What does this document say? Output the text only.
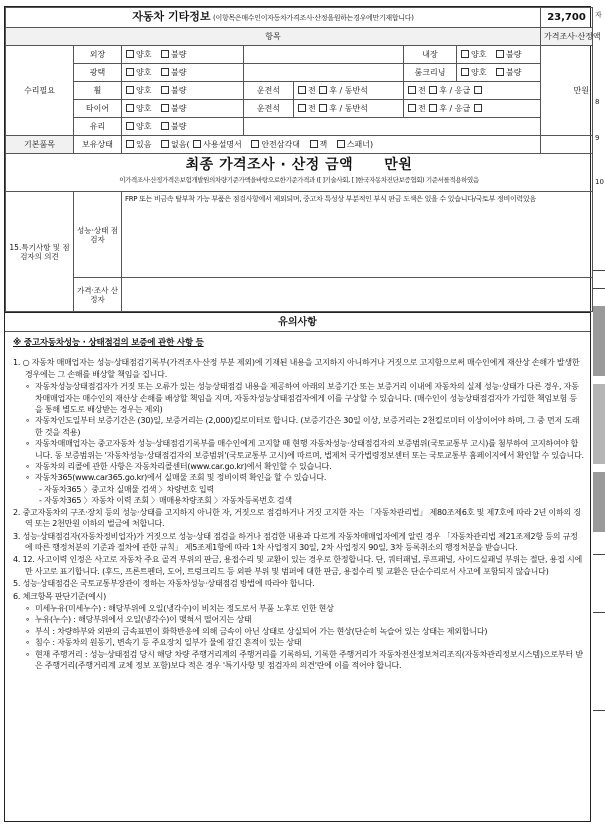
자동차 기타정보 (이항목은매수인이자동차가격조사·산정을원하는경우에만기재합니다)							23,700
항목							가격조사·산정액
수리필요	외장	양호 불량			내장	양호 불량	만원
	광택	양호 불량			룸크리닝	양호 불량	
	휠	양호 불량	운전석	전 후 / 동반석	전 후 / 응급		
	타이어	양호 불량	운전석	전 후 / 동반석	전 후 / 응급		
	유리	양호 불량					
기본품목	보유상태	있음 없음( 사용설명서 안전삼각대 잭 스패너)					

최종 가격조사 · 산정 금액 만원
이가격조사·산정가격은보험개발원의차량기준가액을바탕으로한기준가격과 ([ ]기술사회, [ ]한국자동차진단보증협회) 기준서를적용하였음							

15.특기사항 및 점검자의 의견	성능·상태 점검자	FRP 또는 비금속 탈부착 가능 부품은 점검사항에서 제외되며, 중고차 특성상 부분적인 부식 판금 도색은 있을 수 있습니다/국토부 정비이력있음					
	가격·조사 산정자						
유의사항
※ 중고자동차성능 · 상태점검의 보증에 관한 사항 등
1. ○ 자동차 매매업자는 성능·상태점검기록부(가격조사·산정 부분 제외)에 기재된 내용을 고지하지 아니하거나 거짓으로 고지함으로써 매수인에게 재산상 손해가 발생한 경우에는 그 손해를 배상할 책임을 집니다.
∘ 자동차성능상태점검자가 거짓 또는 오류가 있는 성능상태점검 내용을 제공하여 아래의 보증기간 또는 보증거리 이내에 자동차의 실제 성능·상태가 다른 경우, 자동차매매업자는 매수인의 재산상 손해를 배상할 책임을 지며, 자동차성능상태점검자에게 이를 구상할 수 있습니다. (매수인이 성능상태점검자가 가입한 책임보험 등을 통해 별도로 배상받는 경우는 제외)
∘ 자동차인도일부터 보증기간은 (30)일, 보증거리는 (2,000)킬로미터로 합니다. (보증기간은 30일 이상, 보증거리는 2천킬로미터 이상이어야 하며, 그 중 먼저 도래한 것을 적용)
∘ 자동차매매업자는 중고자동차 성능·상태점검기록부를 매수인에게 고지할 때 현행 자동차성능·상태점검자의 보증범위(국토교통부 고시)를 첨부하여 고지하여야 합니다. 동 보증범위는 '자동차성능·상태점검자의 보증범위'(국토교통부 고시)에 따르며, 법제처 국가법령정보센터 또는 국토교통부 홈페이지에서 확인할 수 있습니다.
∘ 자동차의 리콜에 관한 사항은 자동차리콜센터(www.car.go.kr)에서 확인할 수 있습니다.
∘ 자동차365(www.car365.go.kr)에서 실매물 조회 및 정비이력 확인을 할 수 있습니다.
- 자동차365 〉중고차 실매물 검색 〉차량번호 입력
- 자동차365 〉자동차 이력 조회 〉매매용차량조회 〉자동차등록번호 검색
2. 중고자동차의 구조·장치 등의 성능·상태를 고지하지 아니한 자, 거짓으로 점검하거나 거짓 고지한 자는 「자동차관리법」 제80조제6호 및 제7호에 따라 2년 이하의 징역 또는 2천만원 이하의 벌금에 처합니다.
3. 성능·상태점검자(자동차정비업자)가 거짓으로 성능·상태 점검을 하거나 점검한 내용과 다르게 자동차매매업자에게 알린 경우 「자동차관리법 제21조제2항 등의 규정에 따른 행정처분의 기준과 절차에 관한 규칙」 제5조제1항에 따라 1차 사업정지 30일, 2차 사업정지 90일, 3차 등록취소의 행정처분을 받습니다.
4. 12. 사고이력 인정은 사고로 자동차 주요 골격 부위의 판금, 용접수리 및 교환이 있는 경우로 한정합니다. 단, 쿼터패널, 루프패널, 사이드실패널 부위는 절단, 용접 시에만 사고로 표기합니다. (후드, 프론트펜더, 도어, 트렁크리드 등 외판 부위 및 범퍼에 대한 판금, 용접수리 및 교환은 단순수리로서 사고에 포함되지 않습니다)
5. 성능·상태점검은 국토교통부장관이 정하는 자동차성능·상태점검 방법에 따라야 합니다.
6. 체크항목 판단기준(예시)
∘ 미세누유(미세누수) : 해당부위에 오일(냉각수)이 비치는 정도로서 부품 노후로 인한 현상
∘ 누유(누수) : 해당부위에서 오일(냉각수)이 맺혀서 떨어지는 상태
∘ 부식 : 차량하부와 외판의 금속표면이 화학반응에 의해 금속이 아닌 상태로 상실되어 가는 현상(단순히 녹슬어 있는 상태는 제외합니다)
∘ 침수 : 자동차의 원동기, 변속기 등 주요장치 일부가 물에 잠긴 흔적이 있는 상태
∘ 현재 주행거리 : 성능·상태점검 당시 해당 차량 주행거리계의 주행거리를 기록하되, 기록한 주행거리가 자동차전산정보처리조직(자동차관리정보시스템)으로부터 받은 주행거리(주행거리계 교체 정보 포함)보다 적은 경우 '특기사항 및 점검자의 의견'란에 이를 적어야 합니다.
자
8
9
10
